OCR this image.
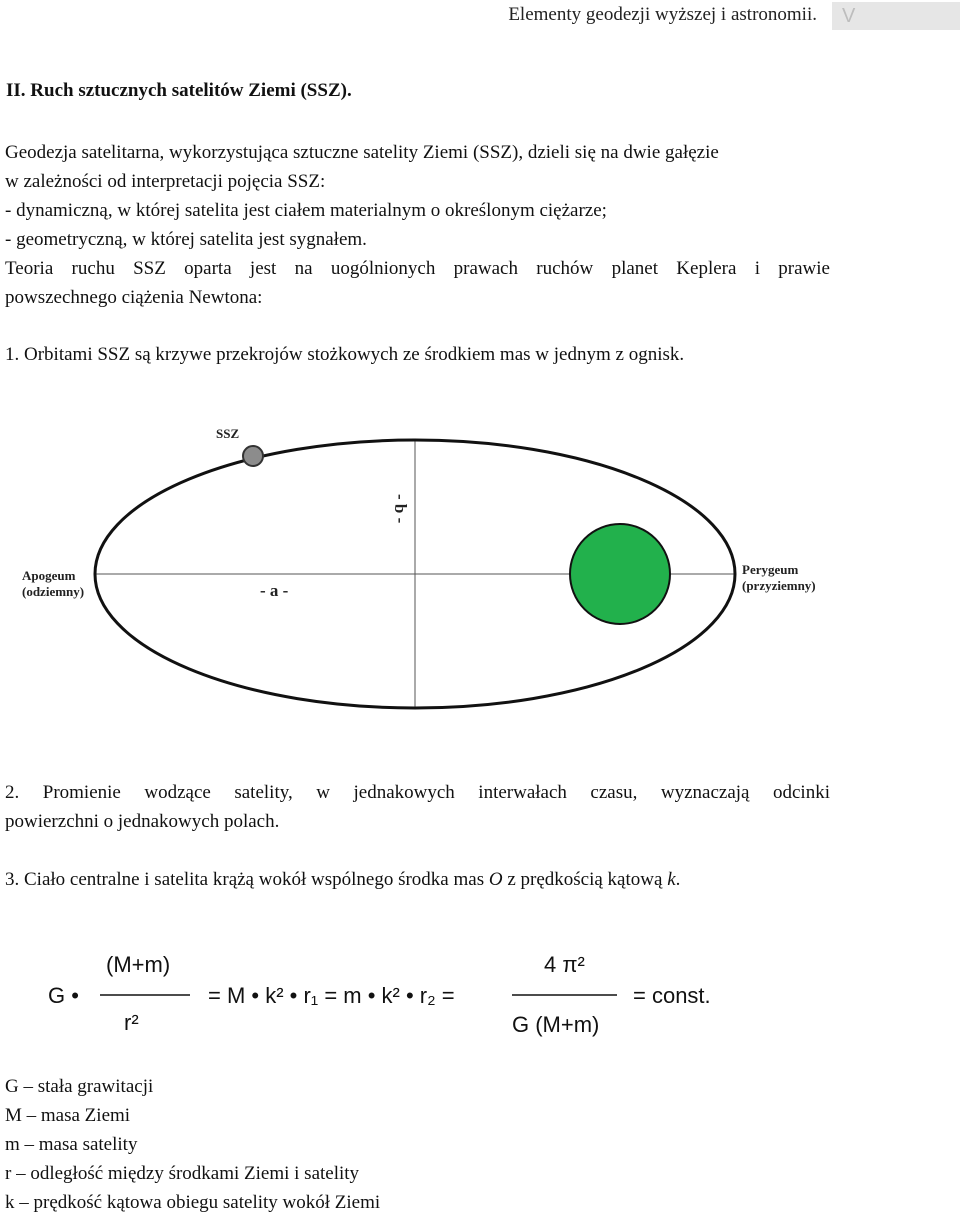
Elementy geodezji wyższej i astronomii.	V
II. Ruch sztucznych satelitów Ziemi (SSZ).
Geodezja satelitarna, wykorzystująca sztuczne satelity Ziemi (SSZ), dzieli się na dwie gałęzie
w zależności od interpretacji pojęcia SSZ:
- dynamiczną, w której satelita jest ciałem materialnym o określonym ciężarze;
- geometryczną, w której satelita jest sygnałem.
Teoria ruchu SSZ oparta jest na uogólnionych prawach ruchów planet Keplera i prawie
powszechnego ciążenia Newtona:
1. Orbitami SSZ są krzywe przekrojów stożkowych ze środkiem mas w jednym z ognisk.
SSZ
- b -
- a -
Apogeum
(odziemny)
Perygeum
(przyziemny)
G •
(M+m)
r²
= M • k² • r₁ = m • k² • r₂ =
4 π²
G (M+m)
= const.
2. Promienie wodzące satelity, w jednakowych interwałach czasu, wyznaczają odcinki
powierzchni o jednakowych polach.
3. Ciało centralne i satelita krążą wokół wspólnego środka mas O z prędkością kątową k.
G – stała grawitacji
M – masa Ziemi
m – masa satelity
r – odległość między środkami Ziemi i satelity
k – prędkość kątowa obiegu satelity wokół Ziemi
